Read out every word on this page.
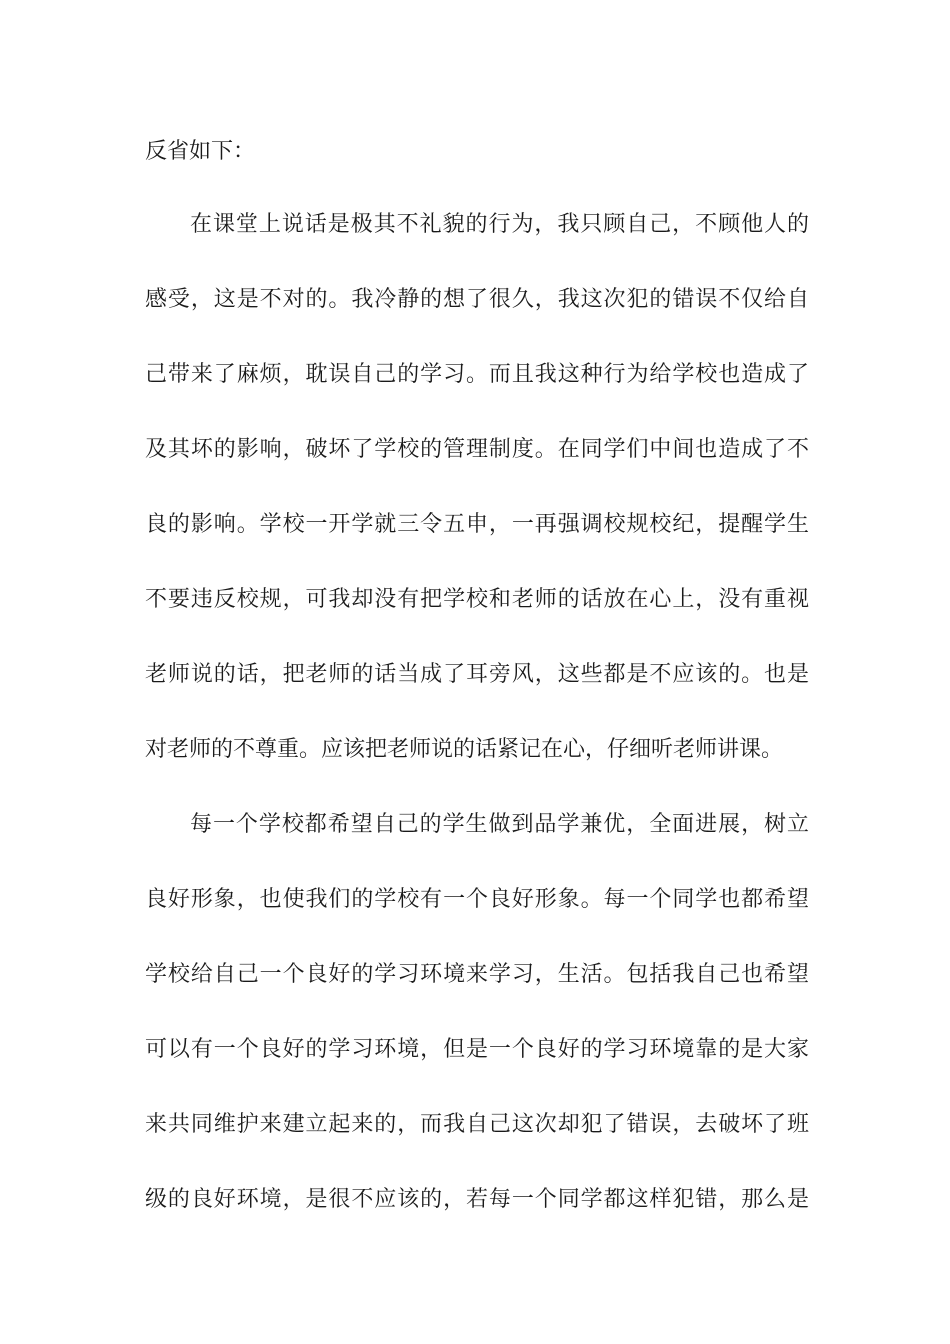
反省如下：
在课堂上说话是极其不礼貌的行为，我只顾自己，不顾他人的
感受，这是不对的。我冷静的想了很久，我这次犯的错误不仅给自
己带来了麻烦，耽误自己的学习。而且我这种行为给学校也造成了
及其坏的影响，破坏了学校的管理制度。在同学们中间也造成了不
良的影响。学校一开学就三令五申，一再强调校规校纪，提醒学生
不要违反校规，可我却没有把学校和老师的话放在心上，没有重视
老师说的话，把老师的话当成了耳旁风，这些都是不应该的。也是
对老师的不尊重。应该把老师说的话紧记在心，仔细听老师讲课。
每一个学校都希望自己的学生做到品学兼优，全面进展，树立
良好形象，也使我们的学校有一个良好形象。每一个同学也都希望
学校给自己一个良好的学习环境来学习，生活。包括我自己也希望
可以有一个良好的学习环境，但是一个良好的学习环境靠的是大家
来共同维护来建立起来的，而我自己这次却犯了错误，去破坏了班
级的良好环境，是很不应该的，若每一个同学都这样犯错，那么是
